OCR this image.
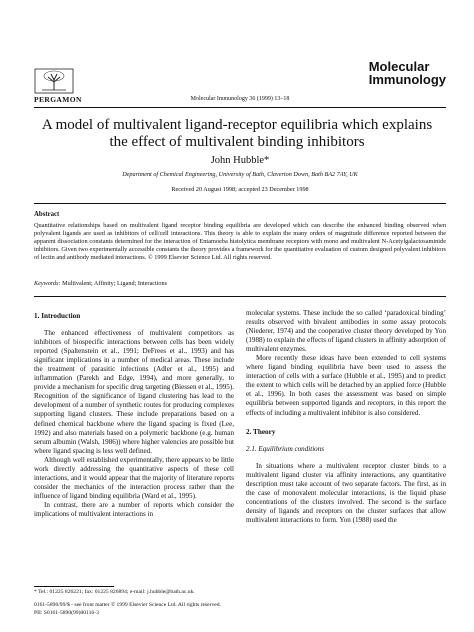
PERGAMON	Molecular Immunology 36 (1999) 13–18
Molecular
Immunology
A model of multivalent ligand-receptor equilibria which explains the effect of multivalent binding inhibitors
John Hubble*
Department of Chemical Engineering, University of Bath, Claverton Down, Bath BA2 7AY, UK
Received 20 August 1998; accepted 23 December 1998
Abstract

Quantitative relationships based on multivalent ligand receptor binding equilibria are developed which can describe the enhanced binding observed when polyvalent ligands are used as inhibitors of cell/cell interactions. This theory is able to explain the many orders of magnitude difference reported between the apparent dissociation constants determined for the interaction of Entamoeba histolytica membrane receptors with mono and multivalent N-Acetylgalactosaminide inhibitors. Given two experimentally accessible constants the theory provides a framework for the quantitative evaluation of custom designed polyvalent inhibitors of lectin and antibody mediated interactions. © 1999 Elsevier Science Ltd. All rights reserved.

Keywords: Multivalent; Affinity; Ligand; Interactions
1. Introduction

The enhanced effectiveness of multivalent competitors as inhibitors of biospecific interactions between cells has been widely reported (Spaltenstein et al., 1991; DeFrees et al., 1993) and has significant implications in a number of medical areas. These include the treatment of parasitic infections (Adler et al., 1995) and inflammation (Parekh and Edge, 1994), and more generally, to provide a mechanism for specific drug targeting (Biessen et al., 1995). Recognition of the significance of ligand clustering has lead to the development of a number of synthetic routes for producing complexes supporting ligand clusters. These include preparations based on a defined chemical backbone where the ligand spacing is fixed (Lee, 1992) and also materials based on a polymeric backbone (e.g. human serum albumin (Walsh, 1986)) where higher valencies are possible but where ligand spacing is less well defined.

Although well established experimentally, there appears to be little work directly addressing the quantitative aspects of these cell interactions, and it would appear that the majority of literature reports consider the mechanics of the interaction process rather than the influence of ligand binding equilibria (Ward et al., 1995).

In contrast, there are a number of reports which consider the implications of multivalent interactions in

molecular systems. These include the so called ‘paradoxical binding’ results observed with bivalent antibodies in some assay protocols (Niederer, 1974) and the cooperative cluster theory developed by Yon (1988) to explain the effects of ligand clusters in affinity adsorption of multivalent enzymes.

More recently these ideas have been extended to cell systems where ligand binding equilibria have been used to assess the interaction of cells with a surface (Hubble et al., 1995) and to predict the extent to which cells will be detached by an applied force (Hubble et al., 1996). In both cases the assessment was based on simple equilibria between supported ligands and receptors, in this report the effects of including a multivalent inhibitor is also considered.

2. Theory
2.1. Equilibrium conditions

In situations where a multivalent receptor cluster binds to a multivalent ligand cluster via affinity interactions, any quantitative description must take account of two separate factors. The first, as in the case of monovalent molecular interactions, is the liquid phase concentrations of the clusters involved. The second is the surface density of ligands and receptors on the cluster surfaces that allow multivalent interactions to form. Yon (1988) used the

* Tel.: 01225 826221; fax: 01225 826894; e-mail: j.hubble@bath.ac.uk.
0161-5890/99/$ - see front matter © 1999 Elsevier Science Ltd. All rights reserved.
PII: S0161-5890(99)00116-3
